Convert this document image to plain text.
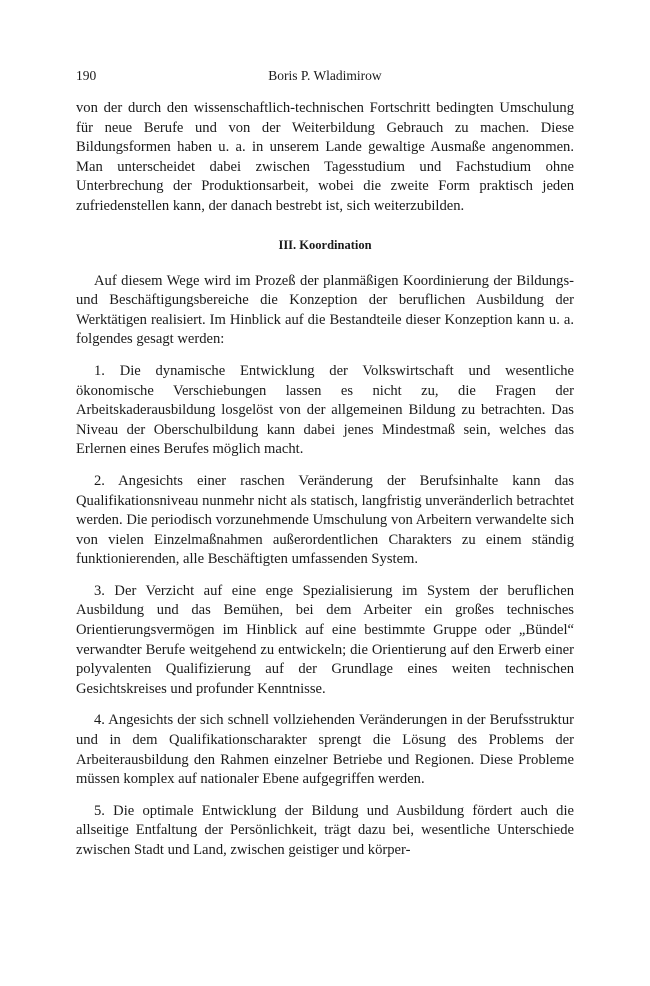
190	Boris P. Wladimirow

von der durch den wissenschaftlich-technischen Fortschritt bedingten Umschulung für neue Berufe und von der Weiterbildung Gebrauch zu machen. Diese Bildungsformen haben u. a. in unserem Lande gewaltige Ausmaße angenommen. Man unterscheidet dabei zwischen Tagesstudium und Fachstudium ohne Unterbrechung der Produktionsarbeit, wobei die zweite Form praktisch jeden zufriedenstellen kann, der danach bestrebt ist, sich weiterzubilden.

III. Koordination

Auf diesem Wege wird im Prozeß der planmäßigen Koordinierung der Bildungs- und Beschäftigungsbereiche die Konzeption der beruflichen Ausbildung der Werktätigen realisiert. Im Hinblick auf die Bestandteile dieser Konzeption kann u. a. folgendes gesagt werden:

1. Die dynamische Entwicklung der Volkswirtschaft und wesentliche ökonomische Verschiebungen lassen es nicht zu, die Fragen der Arbeitskaderausbildung losgelöst von der allgemeinen Bildung zu betrachten. Das Niveau der Oberschulbildung kann dabei jenes Mindestmaß sein, welches das Erlernen eines Berufes möglich macht.

2. Angesichts einer raschen Veränderung der Berufsinhalte kann das Qualifikationsniveau nunmehr nicht als statisch, langfristig unveränderlich betrachtet werden. Die periodisch vorzunehmende Umschulung von Arbeitern verwandelte sich von vielen Einzelmaßnahmen außerordentlichen Charakters zu einem ständig funktionierenden, alle Beschäftigten umfassenden System.

3. Der Verzicht auf eine enge Spezialisierung im System der beruflichen Ausbildung und das Bemühen, bei dem Arbeiter ein großes technisches Orientierungsvermögen im Hinblick auf eine bestimmte Gruppe oder „Bündel“ verwandter Berufe weitgehend zu entwickeln; die Orientierung auf den Erwerb einer polyvalenten Qualifizierung auf der Grundlage eines weiten technischen Gesichtskreises und profunder Kenntnisse.

4. Angesichts der sich schnell vollziehenden Veränderungen in der Berufsstruktur und in dem Qualifikationscharakter sprengt die Lösung des Problems der Arbeiterausbildung den Rahmen einzelner Betriebe und Regionen. Diese Probleme müssen komplex auf nationaler Ebene aufgegriffen werden.

5. Die optimale Entwicklung der Bildung und Ausbildung fördert auch die allseitige Entfaltung der Persönlichkeit, trägt dazu bei, wesentliche Unterschiede zwischen Stadt und Land, zwischen geistiger und körper-
